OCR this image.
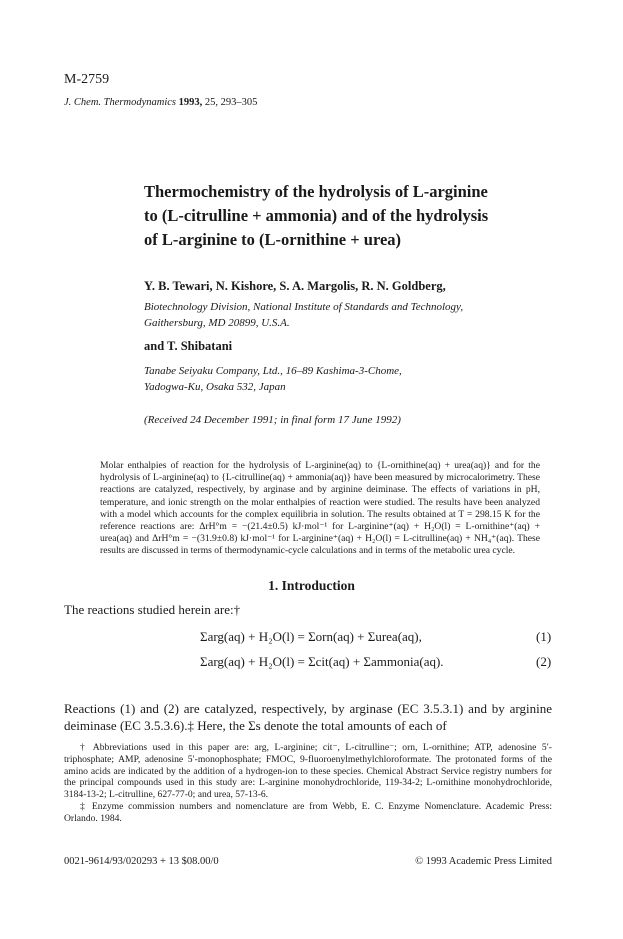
M-2759
J. Chem. Thermodynamics 1993, 25, 293–305
Thermochemistry of the hydrolysis of L-arginine
to (L-citrulline + ammonia) and of the hydrolysis
of L-arginine to (L-ornithine + urea)
Y. B. Tewari, N. Kishore, S. A. Margolis, R. N. Goldberg,
Biotechnology Division, National Institute of Standards and Technology,
Gaithersburg, MD 20899, U.S.A.
and T. Shibatani
Tanabe Seiyaku Company, Ltd., 16–89 Kashima-3-Chome,
Yadogwa-Ku, Osaka 532, Japan
(Received 24 December 1991; in final form 17 June 1992)
Molar enthalpies of reaction for the hydrolysis of L-arginine(aq) to {L-ornithine(aq) + urea(aq)} and for the hydrolysis of L-arginine(aq) to {L-citrulline(aq) + ammonia(aq)} have been measured by microcalorimetry. These reactions are catalyzed, respectively, by arginase and by arginine deiminase. The effects of variations in pH, temperature, and ionic strength on the molar enthalpies of reaction were studied. The results have been analyzed with a model which accounts for the complex equilibria in solution. The results obtained at T = 298.15 K for the reference reactions are: ΔrH°m = −(21.4±0.5) kJ·mol⁻¹ for L-arginine⁺(aq) + H₂O(l) = L-ornithine⁺(aq) + urea(aq) and ΔrH°m = −(31.9±0.8) kJ·mol⁻¹ for L-arginine⁺(aq) + H₂O(l) = L-citrulline(aq) + NH₄⁺(aq). These results are discussed in terms of thermodynamic-cycle calculations and in terms of the metabolic urea cycle.
1. Introduction
The reactions studied herein are:†
Σarg(aq) + H₂O(l) = Σorn(aq) + Σurea(aq),	(1)
Σarg(aq) + H₂O(l) = Σcit(aq) + Σammonia(aq).	(2)
Reactions (1) and (2) are catalyzed, respectively, by arginase (EC 3.5.3.1) and by arginine deiminase (EC 3.5.3.6).‡ Here, the Σs denote the total amounts of each of

† Abbreviations used in this paper are: arg, L-arginine; cit⁻, L-citrulline⁻; orn, L-ornithine; ATP, adenosine 5′-triphosphate; AMP, adenosine 5′-monophosphate; FMOC, 9-fluoroenylmethylchloroformate. The protonated forms of the amino acids are indicated by the addition of a hydrogen-ion to these species. Chemical Abstract Service registry numbers for the principal compounds used in this study are: L-arginine monohydrochloride, 119-34-2; L-ornithine monohydrochloride, 3184-13-2; L-citrulline, 627-77-0; and urea, 57-13-6.

‡ Enzyme commission numbers and nomenclature are from Webb, E. C. Enzyme Nomenclature. Academic Press: Orlando. 1984.

0021-9614/93/020293 + 13 $08.00/0	© 1993 Academic Press Limited
